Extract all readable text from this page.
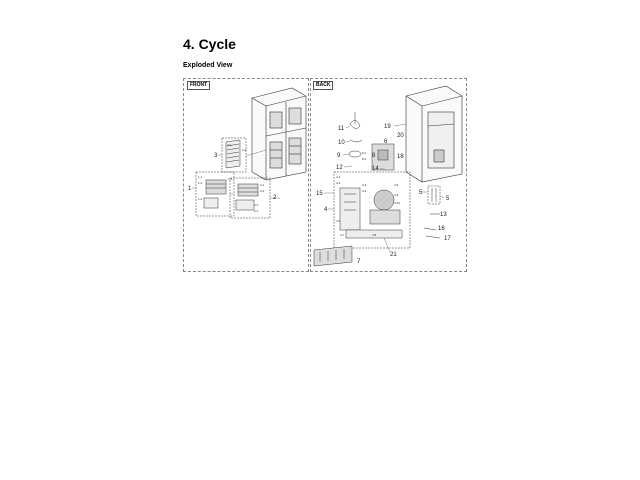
4. Cycle
Exploded View
FRONT	BACK
3
1
2
3-1
3-2
1-1
1-2
1-3
1-4
2-1
2-2
2-3
2-4
11
10
9
12	14
15
4
21
7
6
8
19
20
18
5
5
13
16
17
4-1
4-2	4-3
4-4
4-5
4-6
4-7	4-8
4-9
4-10
8-1
8-2
